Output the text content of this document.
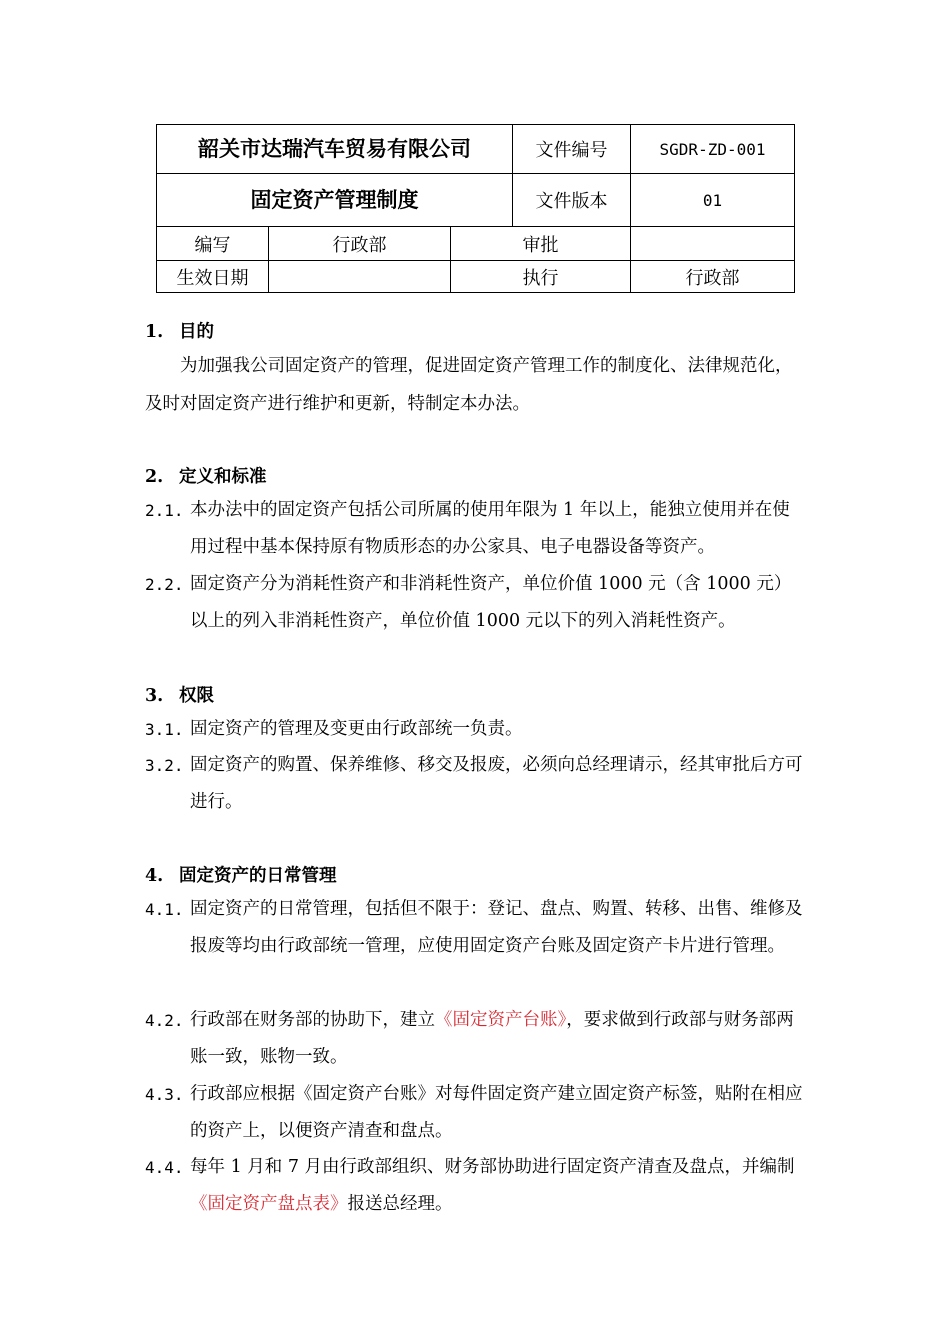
韶关市达瑞汽车贸易有限公司			文件编号	SGDR-ZD-001
固定资产管理制度			文件版本	01
编写	行政部	审批		
生效日期		执行		行政部
1. 目的
为加强我公司固定资产的管理，促进固定资产管理工作的制度化、法律规范化，及时对固定资产进行维护和更新，特制定本办法。
2. 定义和标准
2.1. 本办法中的固定资产包括公司所属的使用年限为 1 年以上，能独立使用并在使用过程中基本保持原有物质形态的办公家具、电子电器设备等资产。
2.2. 固定资产分为消耗性资产和非消耗性资产，单位价值 1000 元（含 1000 元）以上的列入非消耗性资产，单位价值 1000 元以下的列入消耗性资产。
3. 权限
3.1. 固定资产的管理及变更由行政部统一负责。
3.2. 固定资产的购置、保养维修、移交及报废，必须向总经理请示，经其审批后方可进行。
4. 固定资产的日常管理
4.1. 固定资产的日常管理，包括但不限于：登记、盘点、购置、转移、出售、维修及报废等均由行政部统一管理，应使用固定资产台账及固定资产卡片进行管理。
4.2. 行政部在财务部的协助下，建立《固定资产台账》，要求做到行政部与财务部两账一致，账物一致。
4.3. 行政部应根据《固定资产台账》对每件固定资产建立固定资产标签，贴附在相应的资产上，以便资产清查和盘点。
4.4. 每年 1 月和 7 月由行政部组织、财务部协助进行固定资产清查及盘点，并编制《固定资产盘点表》报送总经理。
